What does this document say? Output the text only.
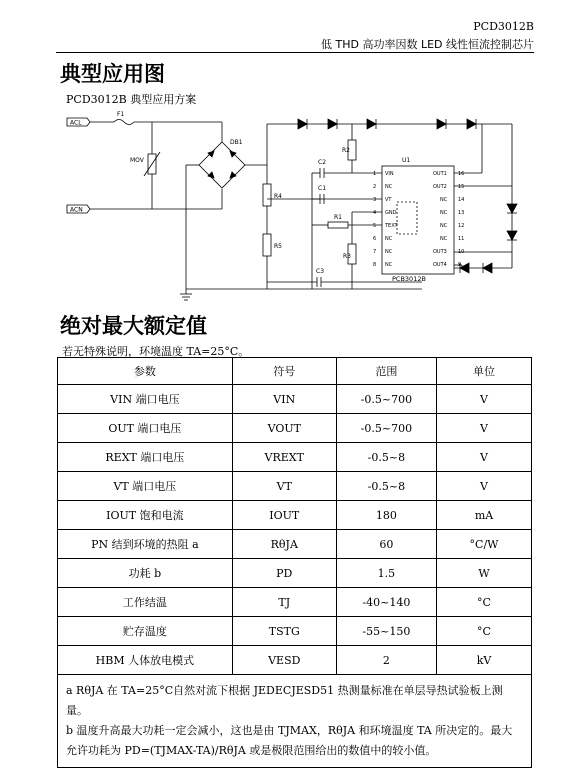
PCD3012B
低 THD 高功率因数 LED 线性恒流控制芯片
典型应用图
PCD3012B 典型应用方案
ACL
ACN
F1
MOV
DB1
R4
R5
R2
U1
PCB3012B
VIN
NC
VT
GND
TEXT
NC
NC
NC
OUT1
OUT2
NC
NC
NC
NC
OUT3
OUT4
1
2
3
4
5
6
7
8
16
15
14
13
12
11
10
9
C2
C1
R1
R3
C3
绝对最大额定值
若无特殊说明，环境温度 TA=25°C。
参数	符号	范围	单位
VIN 端口电压	VIN	-0.5~700	V
OUT 端口电压	VOUT	-0.5~700	V
REXT 端口电压	VREXT	-0.5~8	V
VT 端口电压	VT	-0.5~8	V
IOUT 饱和电流	IOUT	180	mA
PN 结到环境的热阻 a	RθJA	60	°C/W
功耗 b	PD	1.5	W
工作结温	TJ	-40~140	°C
贮存温度	TSTG	-55~150	°C
HBM 人体放电模式	VESD	2	kV

a RθJA 在 TA=25°C自然对流下根据 JEDECJESD51 热测量标准在单层导热试验板上测量。
b 温度升高最大功耗一定会减小，这也是由 TJMAX，RθJA 和环境温度 TA 所决定的。最大允许功耗为 PD=(TJMAX-TA)/RθJA 或是极限范围给出的数值中的较小值。			
